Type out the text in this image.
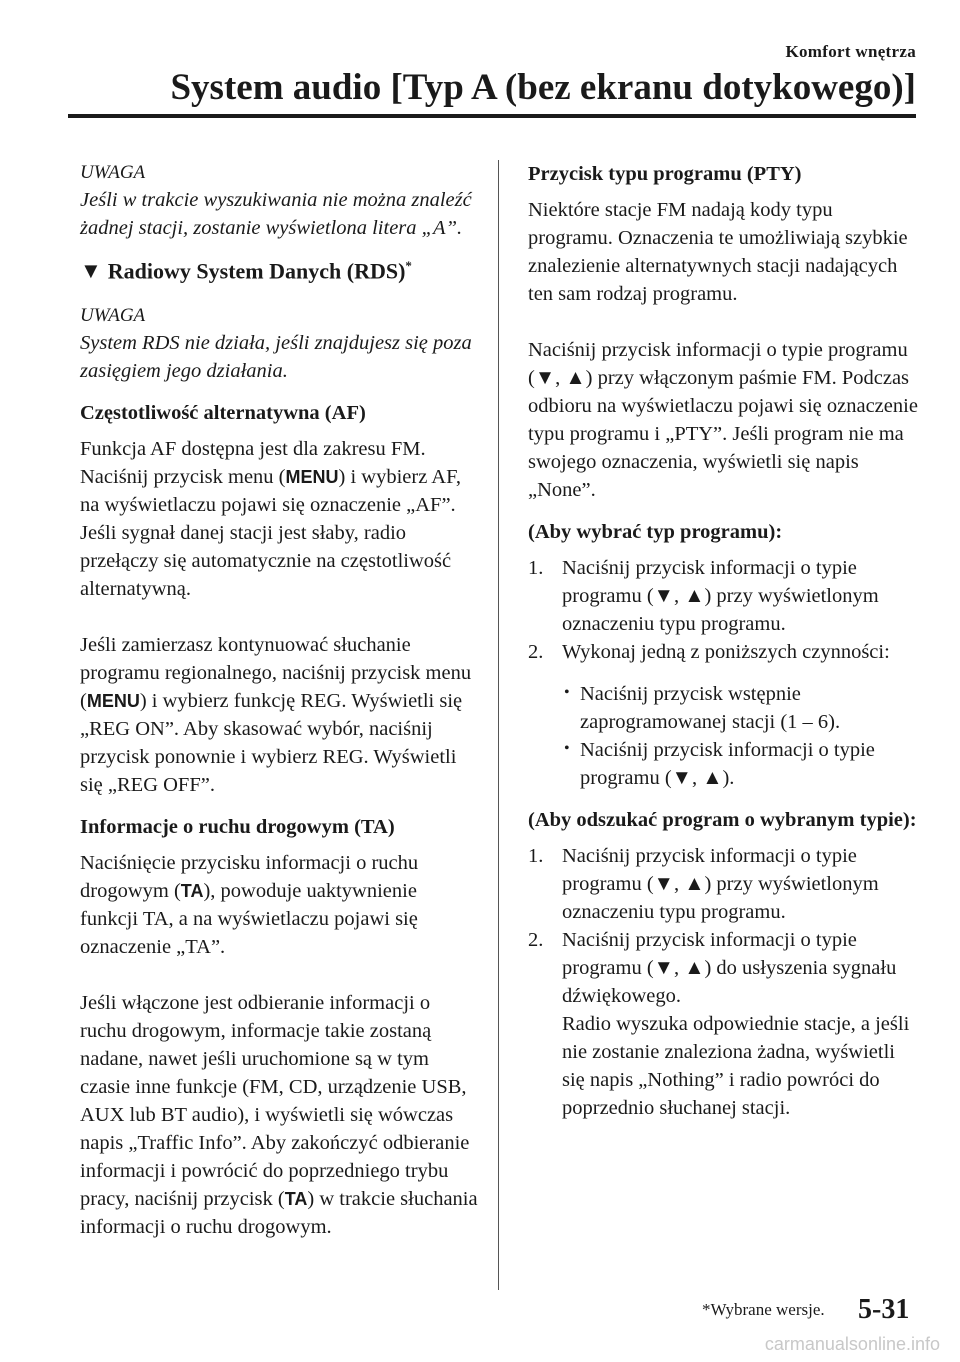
Komfort wnętrza
System audio [Typ A (bez ekranu dotykowego)]

UWAGA

Jeśli w trakcie wyszukiwania nie można znaleźć żadnej stacji, zostanie wyświetlona litera „A”.

▼ Radiowy System Danych (RDS)*

UWAGA

System RDS nie działa, jeśli znajdujesz się poza zasięgiem jego działania.

Częstotliwość alternatywna (AF)

Funkcja AF dostępna jest dla zakresu FM. Naciśnij przycisk menu (MENU) i wybierz AF, na wyświetlaczu pojawi się oznaczenie „AF”. Jeśli sygnał danej stacji jest słaby, radio przełączy się automatycznie na częstotliwość alternatywną.

Jeśli zamierzasz kontynuować słuchanie programu regionalnego, naciśnij przycisk menu (MENU) i wybierz funkcję REG. Wyświetli się „REG ON”. Aby skasować wybór, naciśnij przycisk ponownie i wybierz REG. Wyświetli się „REG OFF”.

Informacje o ruchu drogowym (TA)

Naciśnięcie przycisku informacji o ruchu drogowym (TA), powoduje uaktywnienie funkcji TA, a na wyświetlaczu pojawi się oznaczenie „TA”.

Jeśli włączone jest odbieranie informacji o ruchu drogowym, informacje takie zostaną nadane, nawet jeśli uruchomione są w tym czasie inne funkcje (FM, CD, urządzenie USB, AUX lub BT audio), i wyświetli się wówczas napis „Traffic Info”. Aby zakończyć odbieranie informacji i powrócić do poprzedniego trybu pracy, naciśnij przycisk (TA) w trakcie słuchania informacji o ruchu drogowym.

Przycisk typu programu (PTY)

Niektóre stacje FM nadają kody typu programu. Oznaczenia te umożliwiają szybkie znalezienie alternatywnych stacji nadających ten sam rodzaj programu.

Naciśnij przycisk informacji o typie programu (▼, ▲) przy włączonym paśmie FM. Podczas odbioru na wyświetlaczu pojawi się oznaczenie typu programu i „PTY”. Jeśli program nie ma swojego oznaczenia, wyświetli się napis „None”.

(Aby wybrać typ programu):
1. Naciśnij przycisk informacji o typie programu (▼, ▲) przy wyświetlonym oznaczeniu typu programu.
2. Wykonaj jedną z poniższych czynności:
• Naciśnij przycisk wstępnie zaprogramowanej stacji (1 – 6).
• Naciśnij przycisk informacji o typie programu (▼, ▲).
(Aby odszukać program o wybranym typie):
1. Naciśnij przycisk informacji o typie programu (▼, ▲) przy wyświetlonym oznaczeniu typu programu.
2. Naciśnij przycisk informacji o typie programu (▼, ▲) do usłyszenia sygnału dźwiękowego.
Radio wyszuka odpowiednie stacje, a jeśli nie zostanie znaleziona żadna, wyświetli się napis „Nothing” i radio powróci do poprzednio słuchanej stacji.
*Wybrane wersje. 5-31
carmanualsonline.info
